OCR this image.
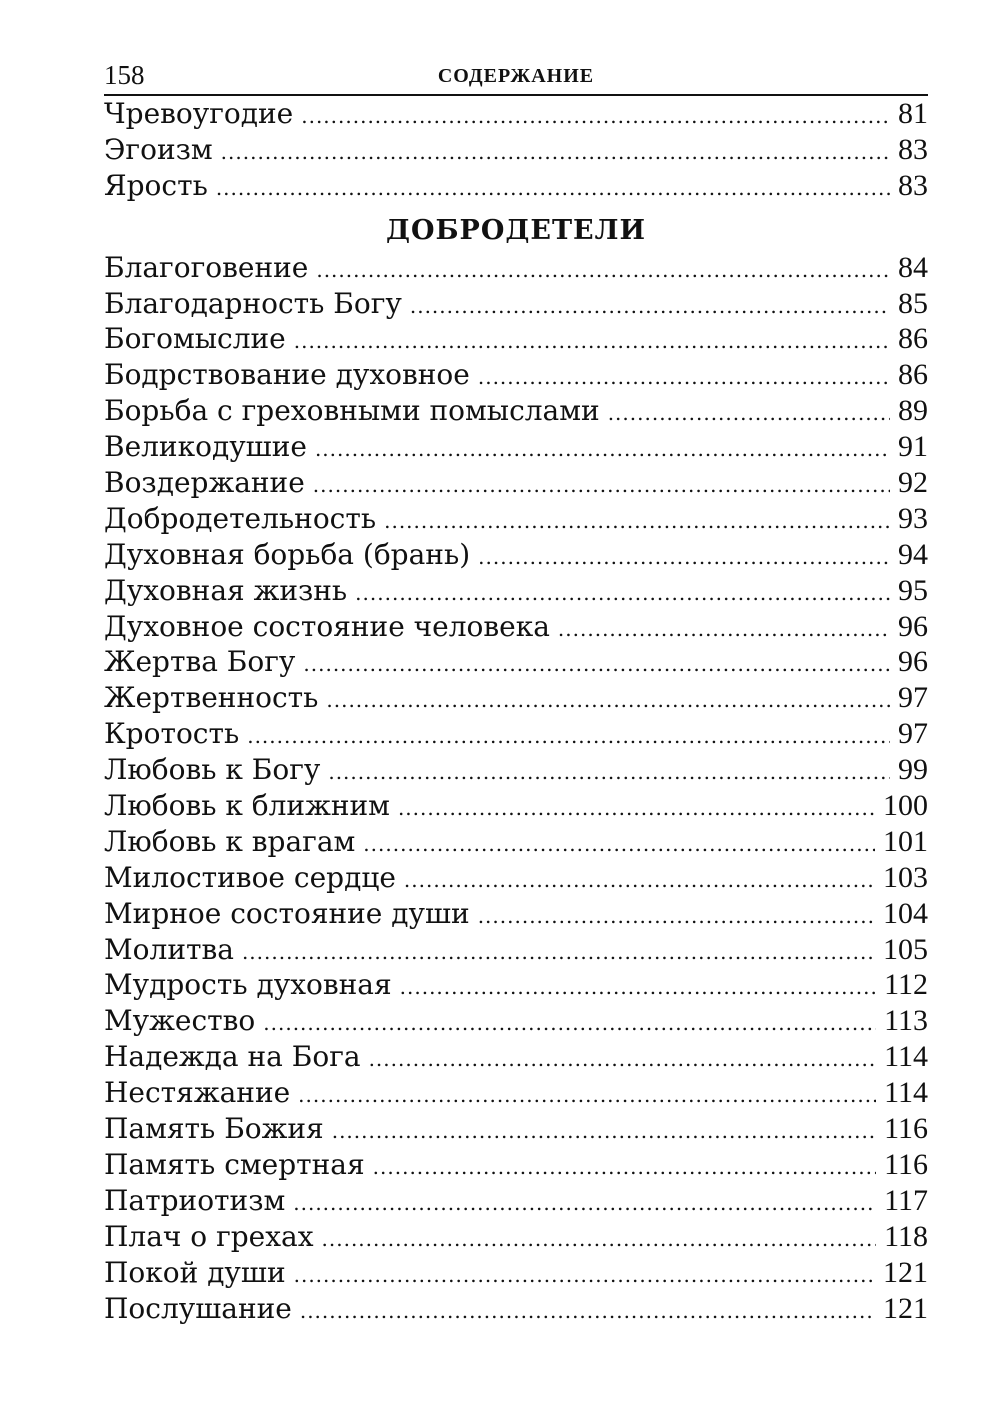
158	СОДЕРЖАНИЕ
Чревоугодие .....	81
Эгоизм .....	83
Ярость .....	83
ДОБРОДЕТЕЛИ
Благоговение .....	84
Благодарность Богу .....	85
Богомыслие .....	86
Бодрствование духовное .....	86
Борьба с греховными помыслами .....	89
Великодушие .....	91
Воздержание .....	92
Добродетельность .....	93
Духовная борьба (брань) .....	94
Духовная жизнь .....	95
Духовное состояние человека .....	96
Жертва Богу .....	96
Жертвенность .....	97
Кротость .....	97
Любовь к Богу .....	99
Любовь к ближним .....	100
Любовь к врагам .....	101
Милостивое сердце .....	103
Мирное состояние души .....	104
Молитва .....	105
Мудрость духовная .....	112
Мужество .....	113
Надежда на Бога .....	114
Нестяжание .....	114
Память Божия .....	116
Память смертная .....	116
Патриотизм .....	117
Плач о грехах .....	118
Покой души .....	121
Послушание .....	121
